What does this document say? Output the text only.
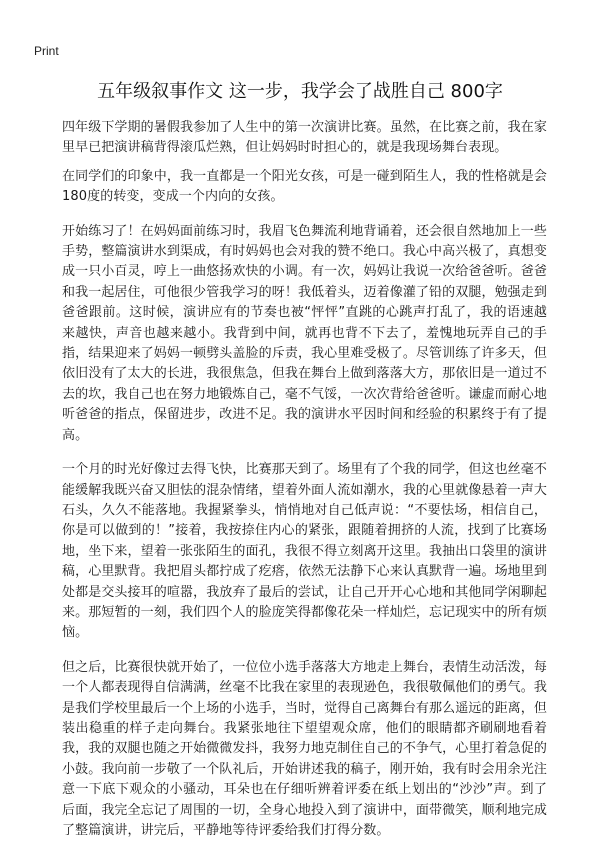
Print
五年级叙事作文 这一步，我学会了战胜自己 800字

四年级下学期的暑假我参加了人生中的第一次演讲比赛。虽然，在比赛之前，我在家里早已把演讲稿背得滚瓜烂熟，但让妈妈时时担心的，就是我现场舞台表现。

在同学们的印象中，我一直都是一个阳光女孩，可是一碰到陌生人，我的性格就是会180度的转变，变成一个内向的女孩。

开始练习了！在妈妈面前练习时，我眉飞色舞流利地背诵着，还会很自然地加上一些手势，整篇演讲水到渠成，有时妈妈也会对我的赞不绝口。我心中高兴极了，真想变成一只小百灵，哼上一曲悠扬欢快的小调。有一次，妈妈让我说一次给爸爸听。爸爸和我一起居住，可他很少管我学习的呀！我低着头，迈着像灌了铅的双腿，勉强走到爸爸跟前。这时候，演讲应有的节奏也被“怦怦”直跳的心跳声打乱了，我的语速越来越快，声音也越来越小。我背到中间，就再也背不下去了，羞愧地玩弄自己的手指，结果迎来了妈妈一顿劈头盖脸的斥责，我心里难受极了。尽管训练了许多天，但依旧没有了太大的长进，我很焦急，但我在舞台上做到落落大方，那依旧是一道过不去的坎，我自己也在努力地锻炼自己，毫不气馁，一次次背给爸爸听。谦虚而耐心地听爸爸的指点，保留进步，改进不足。我的演讲水平因时间和经验的积累终于有了提高。

一个月的时光好像过去得飞快，比赛那天到了。场里有了个我的同学，但这也丝毫不能缓解我既兴奋又胆怯的混杂情绪，望着外面人流如潮水，我的心里就像悬着一声大石头，久久不能落地。我握紧拳头，悄悄地对自己低声说：“不要怯场，相信自己，你是可以做到的！”接着，我按捺住内心的紧张，跟随着拥挤的人流，找到了比赛场地，坐下来，望着一张张陌生的面孔，我很不得立刻离开这里。我抽出口袋里的演讲稿，心里默背。我把眉头都拧成了疙瘩，依然无法静下心来认真默背一遍。场地里到处都是交头接耳的喧嚣，我放弃了最后的尝试，让自己开开心心地和其他同学闲聊起来。那短暂的一刻，我们四个人的脸庞笑得都像花朵一样灿烂，忘记现实中的所有烦恼。

但之后，比赛很快就开始了，一位位小选手落落大方地走上舞台，表情生动活泼，每一个人都表现得自信满满，丝毫不比我在家里的表现逊色，我很敬佩他们的勇气。我是我们学校里最后一个上场的小选手，当时，觉得自己离舞台有那么遥远的距离，但装出稳重的样子走向舞台。我紧张地往下望望观众席，他们的眼睛都齐刷刷地看着我，我的双腿也随之开始微微发抖，我努力地克制住自己的不争气，心里打着急促的小鼓。我向前一步敬了一个队礼后，开始讲述我的稿子，刚开始，我有时会用余光注意一下底下观众的小骚动，耳朵也在仔细听辨着评委在纸上划出的“沙沙”声。到了后面，我完全忘记了周围的一切，全身心地投入到了演讲中，面带微笑，顺利地完成了整篇演讲，讲完后，平静地等待评委给我们打得分数。
